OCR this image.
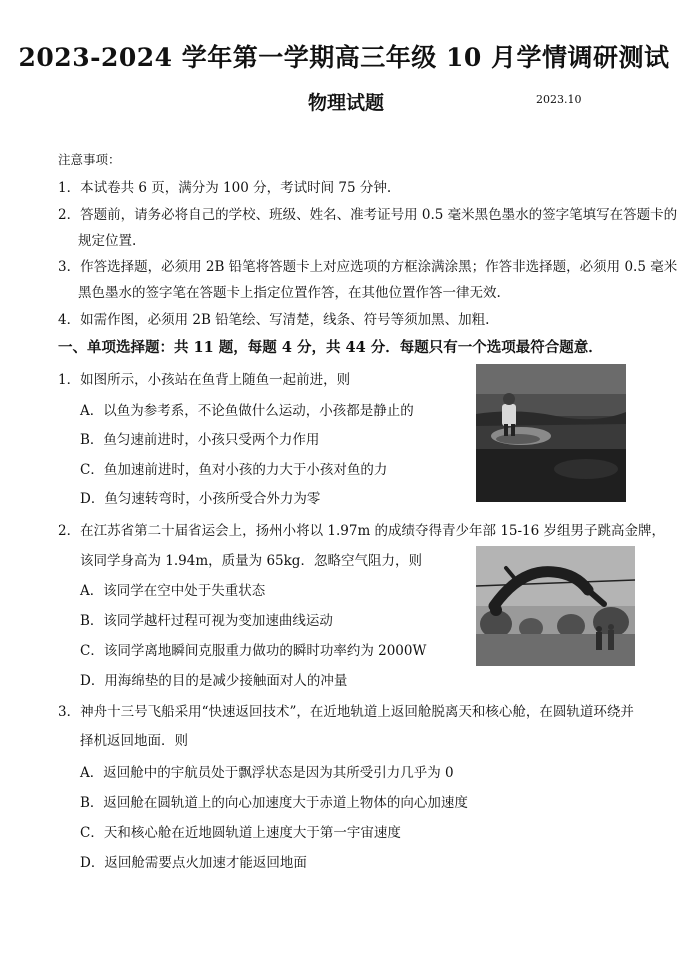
2023-2024 学年第一学期高三年级 10 月学情调研测试
物理试题	2023.10
注意事项：
1．本试卷共 6 页，满分为 100 分，考试时间 75 分钟.
2．答题前，请务必将自己的学校、班级、姓名、准考证号用 0.5 毫米黑色墨水的签字笔填写在答题卡的
规定位置.
3．作答选择题，必须用 2B 铅笔将答题卡上对应选项的方框涂满涂黑；作答非选择题，必须用 0.5 毫米
黑色墨水的签字笔在答题卡上指定位置作答，在其他位置作答一律无效.
4．如需作图，必须用 2B 铅笔绘、写清楚，线条、符号等须加黑、加粗.
一、单项选择题：共 11 题，每题 4 分，共 44 分．每题只有一个选项最符合题意．
1．如图所示，小孩站在鱼背上随鱼一起前进，则
A．以鱼为参考系，不论鱼做什么运动，小孩都是静止的
B．鱼匀速前进时，小孩只受两个力作用
C．鱼加速前进时，鱼对小孩的力大于小孩对鱼的力
D．鱼匀速转弯时，小孩所受合外力为零
2．在江苏省第二十届省运会上，扬州小将以 1.97m 的成绩夺得青少年部 15-16 岁组男子跳高金牌，
该同学身高为 1.94m，质量为 65kg．忽略空气阻力，则
A．该同学在空中处于失重状态
B．该同学越杆过程可视为变加速曲线运动
C．该同学离地瞬间克服重力做功的瞬时功率约为 2000W
D．用海绵垫的目的是减少接触面对人的冲量
3．神舟十三号飞船采用“快速返回技术”，在近地轨道上返回舱脱离天和核心舱，在圆轨道环绕并
择机返回地面．则
A．返回舱中的宇航员处于飘浮状态是因为其所受引力几乎为 0
B．返回舱在圆轨道上的向心加速度大于赤道上物体的向心加速度
C．天和核心舱在近地圆轨道上速度大于第一宇宙速度
D．返回舱需要点火加速才能返回地面
